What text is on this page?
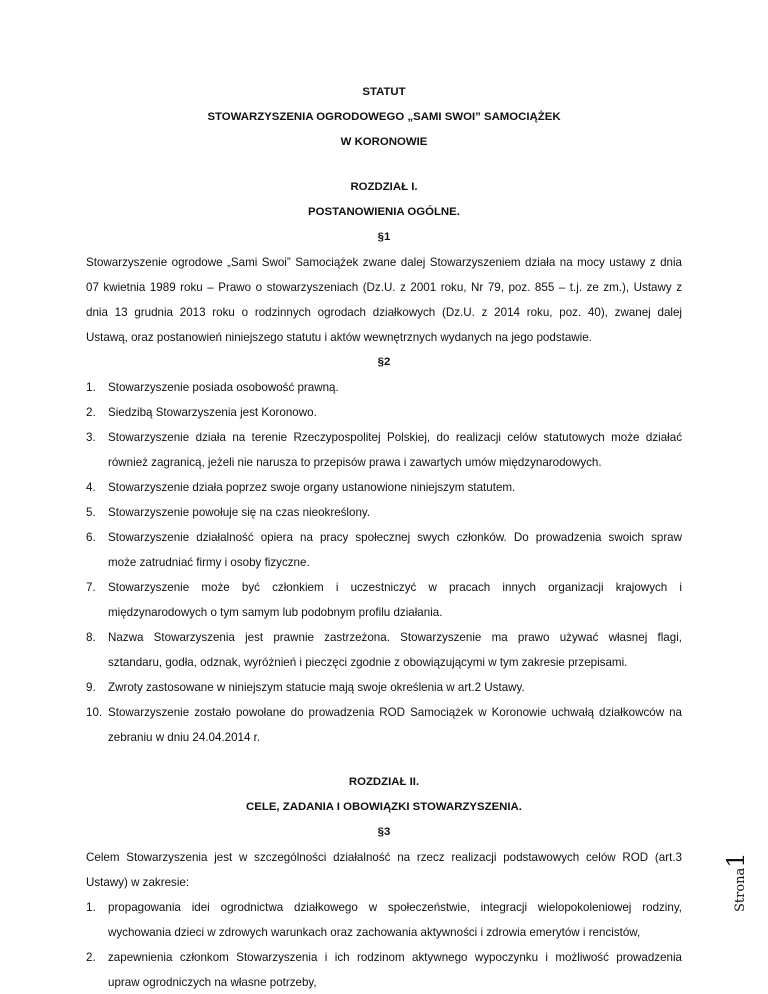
STATUT
STOWARZYSZENIA OGRODOWEGO „SAMI SWOI” SAMOCIĄŻEK
W KORONOWIE
ROZDZIAŁ I.
POSTANOWIENIA OGÓLNE.
§1
Stowarzyszenie ogrodowe „Sami Swoi” Samociążek zwane dalej Stowarzyszeniem działa na mocy ustawy z dnia
07 kwietnia 1989 roku – Prawo o stowarzyszeniach (Dz.U. z 2001 roku, Nr 79, poz. 855 – t.j. ze zm.), Ustawy z
dnia 13 grudnia 2013 roku o rodzinnych ogrodach działkowych (Dz.U. z 2014 roku, poz. 40), zwanej dalej
Ustawą, oraz postanowień niniejszego statutu i aktów wewnętrznych wydanych na jego podstawie.
§2
1. Stowarzyszenie posiada osobowość prawną.
2. Siedzibą Stowarzyszenia jest Koronowo.
3. Stowarzyszenie działa na terenie Rzeczypospolitej Polskiej, do realizacji celów statutowych może działać
również zagranicą, jeżeli nie narusza to przepisów prawa i zawartych umów międzynarodowych.
4. Stowarzyszenie działa poprzez swoje organy ustanowione niniejszym statutem.
5. Stowarzyszenie powołuje się na czas nieokreślony.
6. Stowarzyszenie działalność opiera na pracy społecznej swych członków. Do prowadzenia swoich spraw
może zatrudniać firmy i osoby fizyczne.
7. Stowarzyszenie może być członkiem i uczestniczyć w pracach innych organizacji krajowych i
międzynarodowych o tym samym lub podobnym profilu działania.
8. Nazwa Stowarzyszenia jest prawnie zastrzeżona. Stowarzyszenie ma prawo używać własnej flagi,
sztandaru, godła, odznak, wyróżnień i pieczęci zgodnie z obowiązującymi w tym zakresie przepisami.
9. Zwroty zastosowane w niniejszym statucie mają swoje określenia w art.2 Ustawy.
10. Stowarzyszenie zostało powołane do prowadzenia ROD Samociążek w Koronowie uchwałą działkowców na
zebraniu w dniu 24.04.2014 r.
ROZDZIAŁ II.
CELE, ZADANIA I OBOWIĄZKI STOWARZYSZENIA.
§3
Celem Stowarzyszenia jest w szczególności działalność na rzecz realizacji podstawowych celów ROD (art.3
Ustawy) w zakresie:
1. propagowania idei ogrodnictwa działkowego w społeczeństwie, integracji wielopokoleniowej rodziny,
wychowania dzieci w zdrowych warunkach oraz zachowania aktywności i zdrowia emerytów i rencistów,
2. zapewnienia członkom Stowarzyszenia i ich rodzinom aktywnego wypoczynku i możliwość prowadzenia
upraw ogrodniczych na własne potrzeby,
Strona1
